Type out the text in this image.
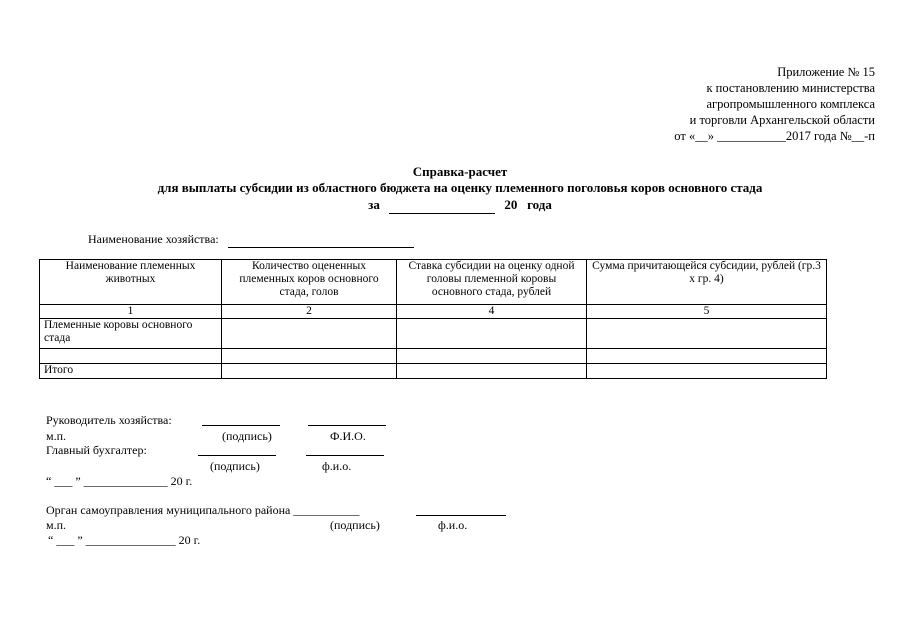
Приложение № 15
к постановлению министерства
агропромышленного комплекса
и торговли Архангельской области
от «__» ___________2017 года №__-п
Справка-расчет
для выплаты субсидии из областного бюджета на оценку племенного поголовья коров основного стада
за	20 года
Наименование хозяйства:
Наименование племенных животных	Количество оцененных племенных коров основного стада, голов	Ставка субсидии на оценку одной головы племенной коровы основного стада, рублей	Сумма причитающейся субсидии, рублей (гр.3 х гр. 4)
1	2	4	5
Племенные коровы основного стада			

Итого			
Руководитель хозяйства:
м.п.	(подпись)	Ф.И.О.
Главный бухгалтер:
(подпись)	ф.и.о.
“ ___ ” ______________ 20 г.
Орган самоуправления муниципального района ___________
м.п.	(подпись)	ф.и.о.
“ ___ ” _______________ 20 г.
